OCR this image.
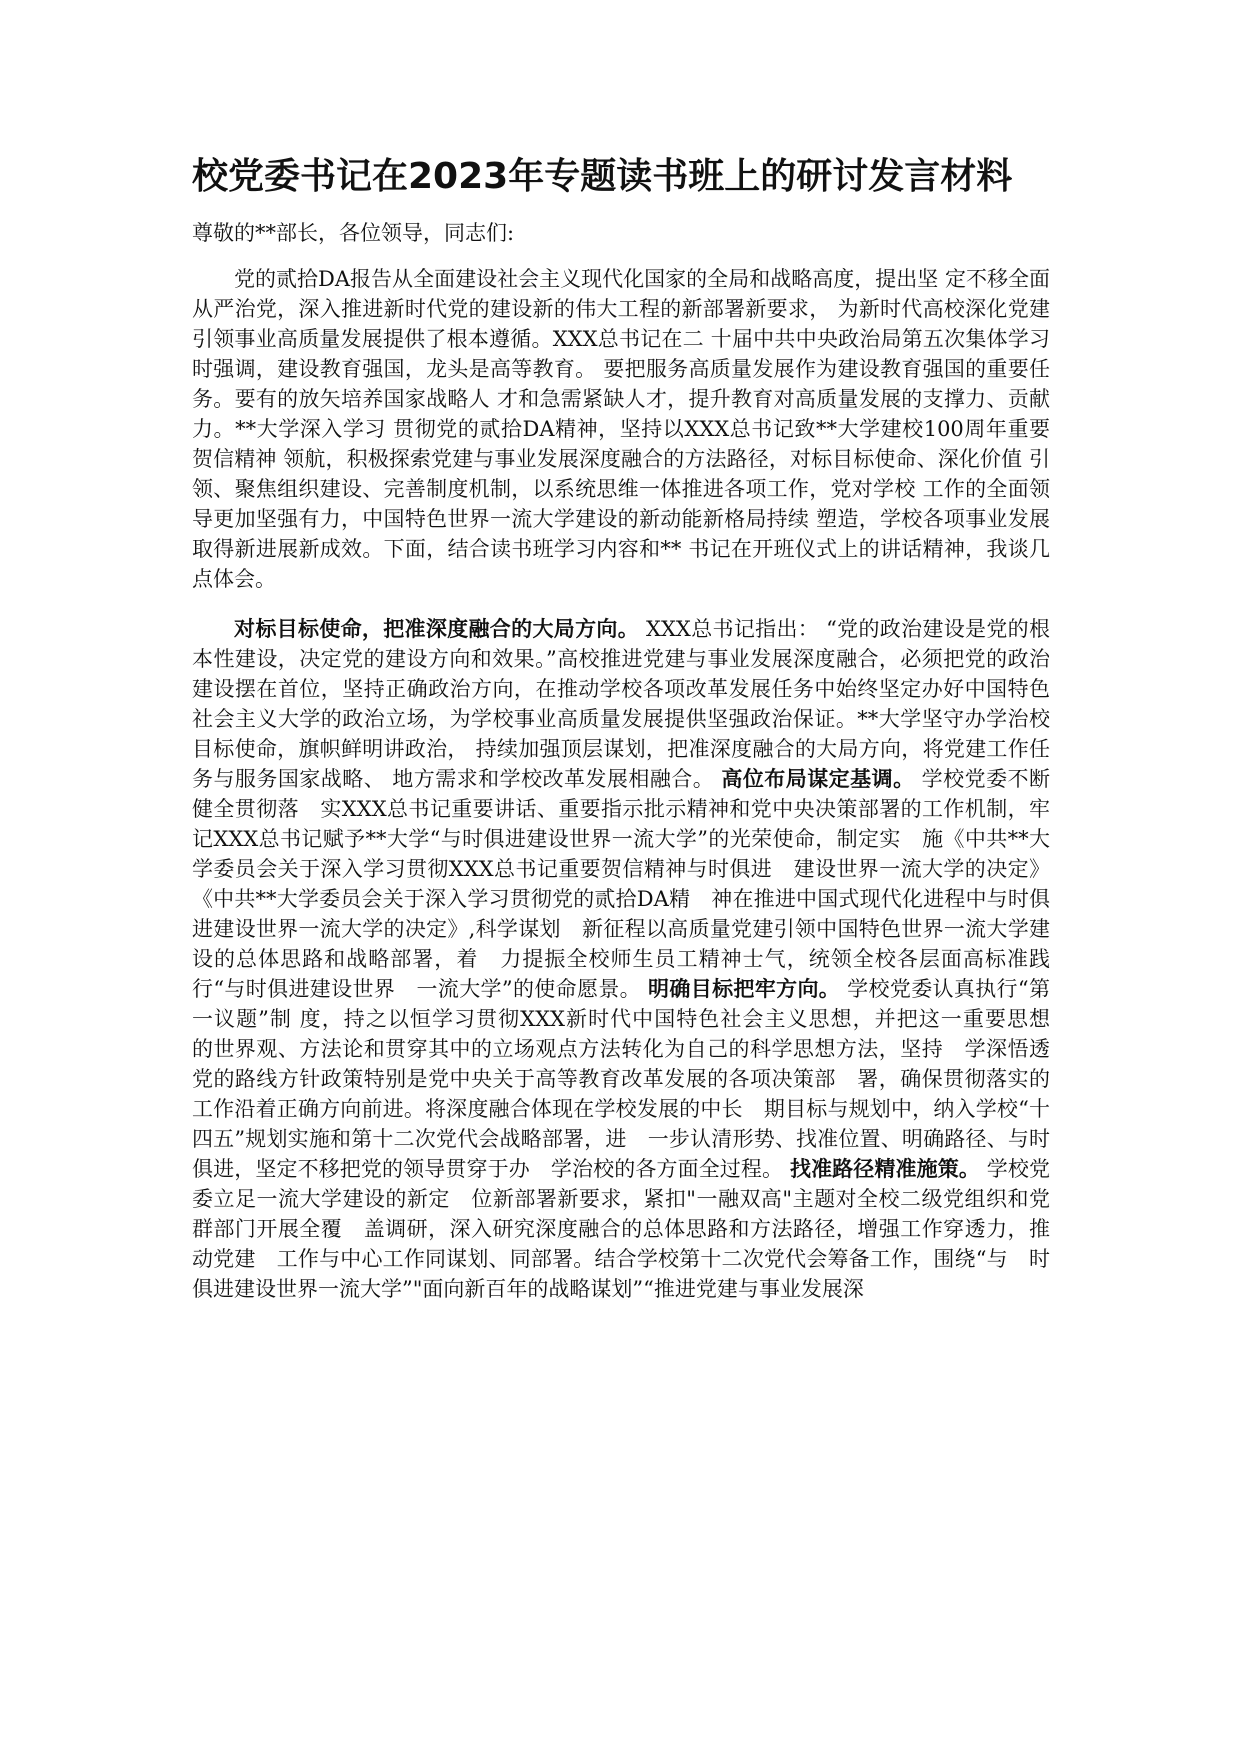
校党委书记在2023年专题读书班上的研讨发言材料

尊敬的**部长，各位领导，同志们:

党的贰拾DA报告从全面建设社会主义现代化国家的全局和战略高度，提出坚 定不移全面从严治党，深入推进新时代党的建设新的伟大工程的新部署新要求， 为新时代高校深化党建引领事业高质量发展提供了根本遵循。XXX总书记在二 十届中共中央政治局第五次集体学习时强调，建设教育强国，龙头是高等教育。 要把服务高质量发展作为建设教育强国的重要任务。要有的放矢培养国家战略人 才和急需紧缺人才，提升教育对高质量发展的支撑力、贡献力。**大学深入学习 贯彻党的贰拾DA精神，坚持以XXX总书记致**大学建校100周年重要贺信精神 领航，积极探索党建与事业发展深度融合的方法路径，对标目标使命、深化价值 引领、聚焦组织建设、完善制度机制，以系统思维一体推进各项工作，党对学校 工作的全面领导更加坚强有力，中国特色世界一流大学建设的新动能新格局持续 塑造，学校各项事业发展取得新进展新成效。下面，结合读书班学习内容和** 书记在开班仪式上的讲话精神，我谈几点体会。

对标目标使命，把准深度融合的大局方向。 XXX总书记指出： “党的政治建设是党的根本性建设，决定党的建设方向和效果。”高校推进党建与事业发展深度融合，必须把党的政治建设摆在首位，坚持正确政治方向，在推动学校各项改革发展任务中始终坚定办好中国特色社会主义大学的政治立场，为学校事业高质量发展提供坚强政治保证。**大学坚守办学治校目标使命，旗帜鲜明讲政治， 持续加强顶层谋划，把准深度融合的大局方向，将党建工作任务与服务国家战略、 地方需求和学校改革发展相融合。 高位布局谋定基调。 学校党委不断健全贯彻落　实XXX总书记重要讲话、重要指示批示精神和党中央决策部署的工作机制，牢　记XXX总书记赋予**大学“与时俱进建设世界一流大学”的光荣使命，制定实　施《中共**大学委员会关于深入学习贯彻XXX总书记重要贺信精神与时俱进　建设世界一流大学的决定》《中共**大学委员会关于深入学习贯彻党的贰拾DA精　神在推进中国式现代化进程中与时俱进建设世界一流大学的决定》,科学谋划　新征程以高质量党建引领中国特色世界一流大学建设的总体思路和战略部署，着　力提振全校师生员工精神士气，统领全校各层面高标准践行“与时俱进建设世界　一流大学”的使命愿景。 明确目标把牢方向。 学校党委认真执行“第一议题”制 度，持之以恒学习贯彻XXX新时代中国特色社会主义思想，并把这一重要思想　的世界观、方法论和贯穿其中的立场观点方法转化为自己的科学思想方法，坚持　学深悟透党的路线方针政策特别是党中央关于高等教育改革发展的各项决策部　署，确保贯彻落实的工作沿着正确方向前进。将深度融合体现在学校发展的中长　期目标与规划中，纳入学校“十四五”规划实施和第十二次党代会战略部署，进　一步认清形势、找准位置、明确路径、与时俱进，坚定不移把党的领导贯穿于办　学治校的各方面全过程。 找准路径精准施策。 学校党委立足一流大学建设的新定　位新部署新要求，紧扣"一融双高"主题对全校二级党组织和党群部门开展全覆　盖调研，深入研究深度融合的总体思路和方法路径，增强工作穿透力，推动党建　工作与中心工作同谋划、同部署。结合学校第十二次党代会筹备工作，围绕“与　时俱进建设世界一流大学”"面向新百年的战略谋划”“推进党建与事业发展深
